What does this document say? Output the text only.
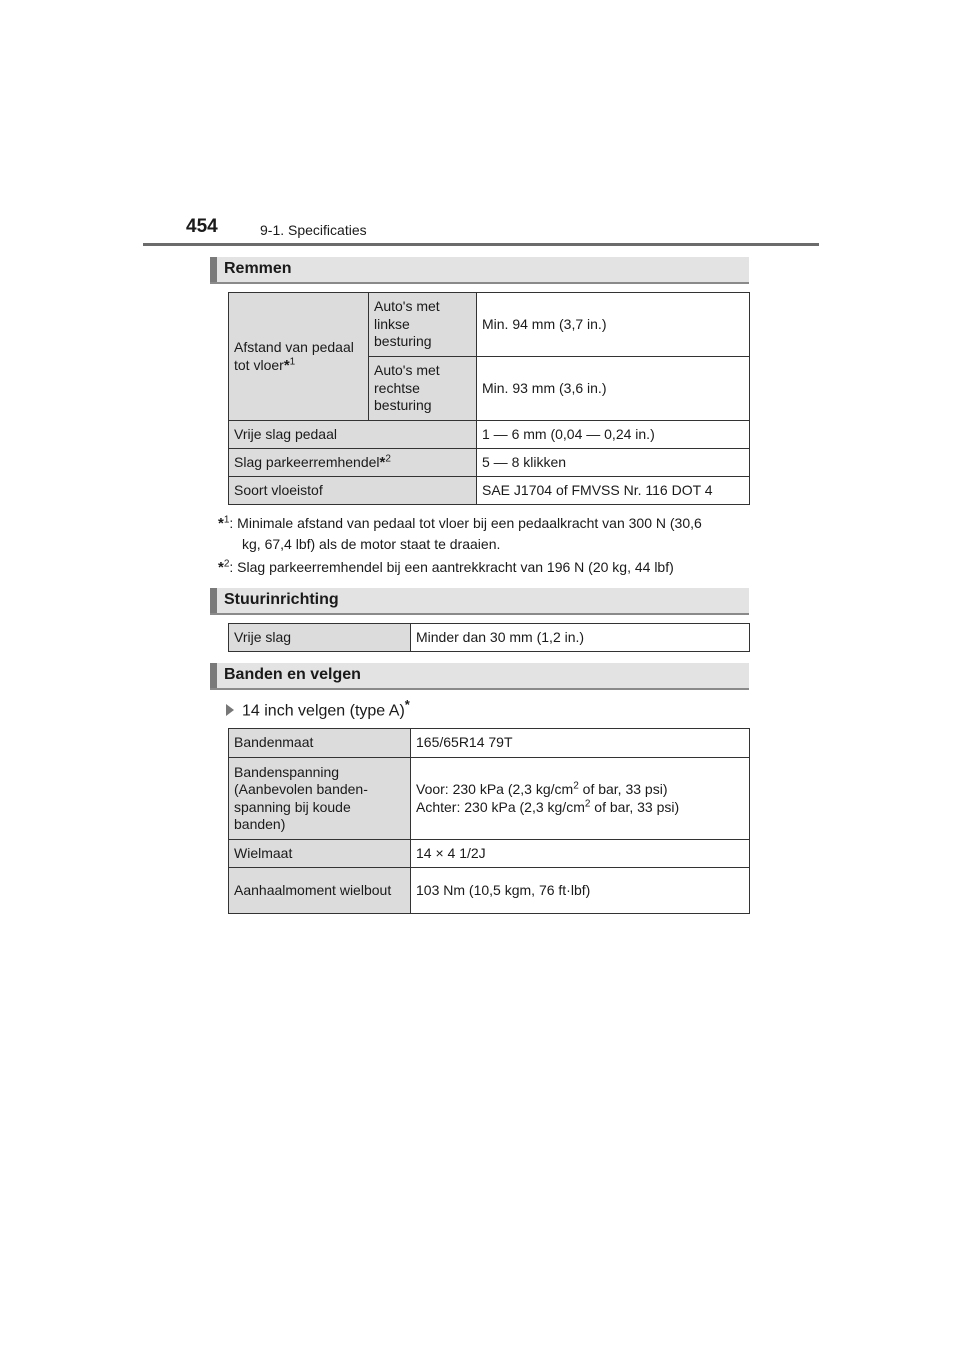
454	9-1. Specificaties
Remmen
Afstand van pedaal tot vloer*$^1$	Auto's met linkse besturing	Min. 94 mm (3,7 in.)
	Auto's met rechtse besturing	Min. 93 mm (3,6 in.)
Vrije slag pedaal		1 — 6 mm (0,04 — 0,24 in.)
Slag parkeerremhendel*$^2$		5 — 8 klikken
Soort vloeistof		SAE J1704 of FMVSS Nr. 116 DOT 4
*$^1$: Minimale afstand van pedaal tot vloer bij een pedaalkracht van 300 N (30,6
kg, 67,4 lbf) als de motor staat te draaien.
*$^2$: Slag parkeerremhendel bij een aantrekkracht van 196 N (20 kg, 44 lbf)
Stuurinrichting
Vrije slag	Minder dan 30 mm (1,2 in.)
Banden en velgen
14 inch velgen (type A)*
Bandenmaat	165/65R14 79T
Bandenspanning (Aanbevolen banden-spanning bij koude banden)	Voor: 230 kPa (2,3 $kg/cm^2$ of bar, 33 psi)
Achter: 230 kPa (2,3 $kg/cm^2$ of bar, 33 psi)

Wielmaat	14 × 4 1/2J
Aanhaalmoment wielbout	103 Nm (10,5 kgm, 76 ft·lbf)
